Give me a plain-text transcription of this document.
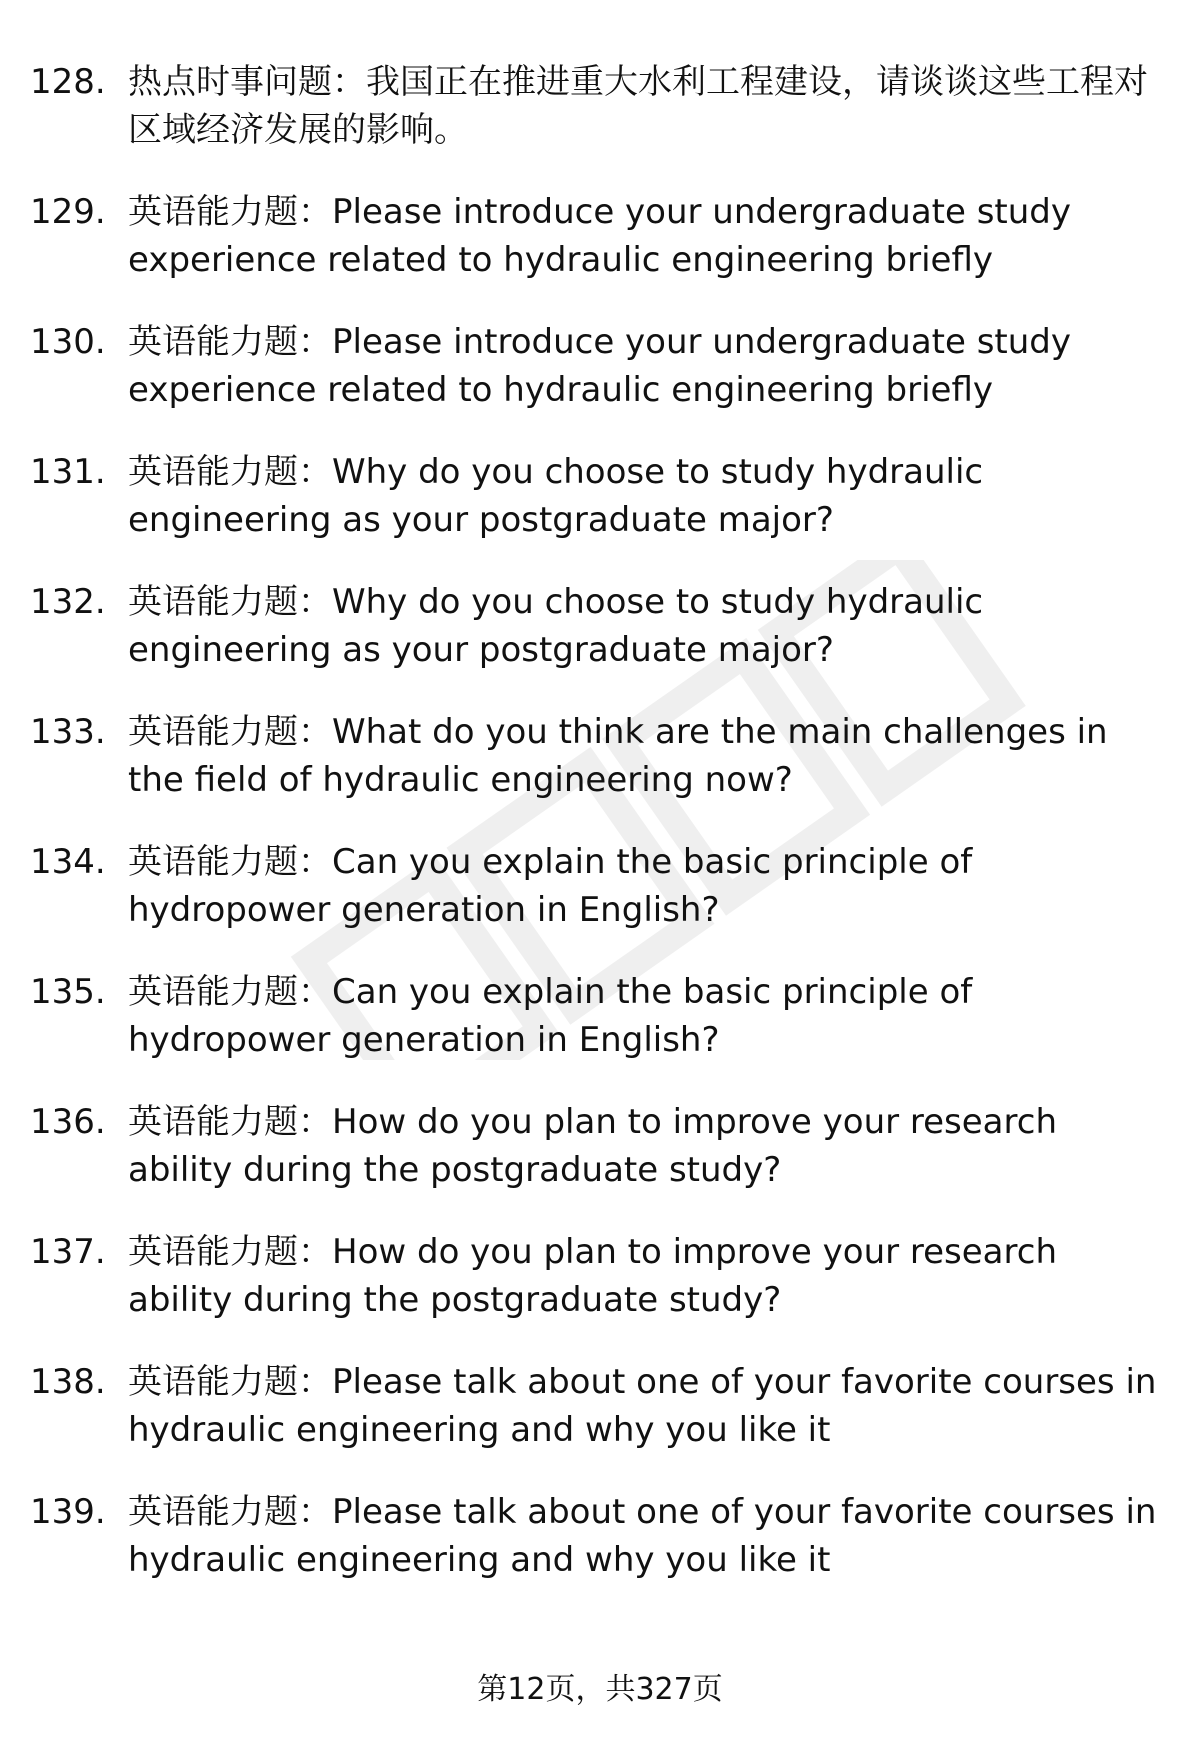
128. 热点时事问题：我国正在推进重大水利工程建设，请谈谈这些工程对区域经济发展的影响。
129. 英语能力题：Please introduce your undergraduate study experience related to hydraulic engineering briefly
130. 英语能力题：Please introduce your undergraduate study experience related to hydraulic engineering briefly
131. 英语能力题：Why do you choose to study hydraulic engineering as your postgraduate major?
132. 英语能力题：Why do you choose to study hydraulic engineering as your postgraduate major?
133. 英语能力题：What do you think are the main challenges in the field of hydraulic engineering now?
134. 英语能力题：Can you explain the basic principle of hydropower generation in English?
135. 英语能力题：Can you explain the basic principle of hydropower generation in English?
136. 英语能力题：How do you plan to improve your research ability during the postgraduate study?
137. 英语能力题：How do you plan to improve your research ability during the postgraduate study?
138. 英语能力题：Please talk about one of your favorite courses in hydraulic engineering and why you like it
139. 英语能力题：Please talk about one of your favorite courses in hydraulic engineering and why you like it
第12页，共327页
